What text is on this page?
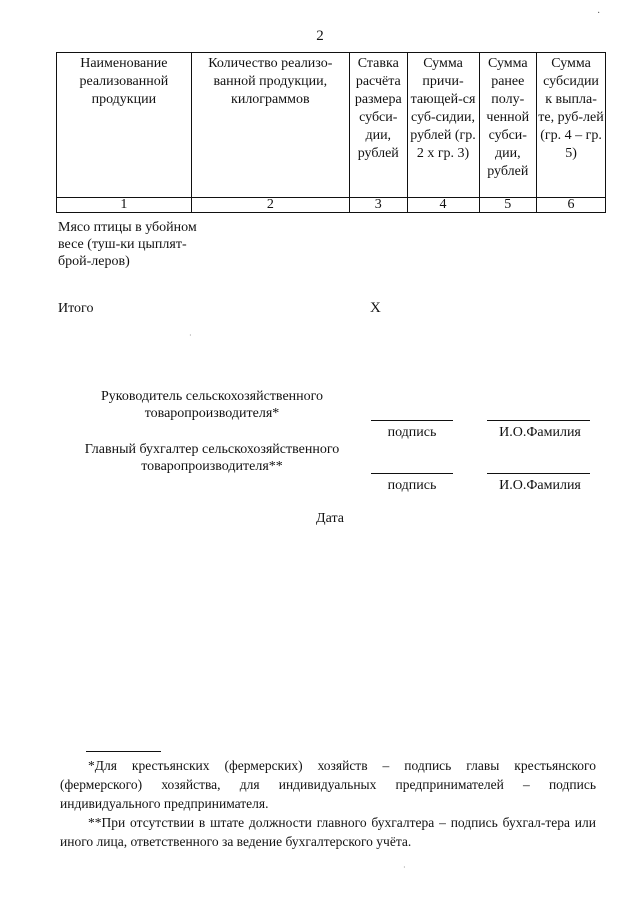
·
2
Наименование реализованной продукции	Количество реализо-ванной продукции, килограммов	Ставка расчёта размера субси-дии, рублей	Сумма причи-тающей-ся суб-сидии, рублей (гр. 2 х гр. 3)	Сумма ранее полу-ченной субси-дии, рублей	Сумма субсидии к выпла-те, руб-лей (гр. 4 – гр. 5)
1	2	3	4	5	6
Мясо птицы в убойном весе (туш-ки цыплят-брой-леров)
Итого	Х
·
Руководитель сельскохозяйственного товаропроизводителя*
подпись	И.О.Фамилия
Главный бухгалтер сельскохозяйственного товаропроизводителя**
подпись	И.О.Фамилия
Дата

*Для крестьянских (фермерских) хозяйств – подпись главы крестьянского (фермерского) хозяйства, для индивидуальных предпринимателей – подпись индивидуального предпринимателя.

**При отсутствии в штате должности главного бухгалтера – подпись бухгал-тера или иного лица, ответственного за ведение бухгалтерского учёта.

·
